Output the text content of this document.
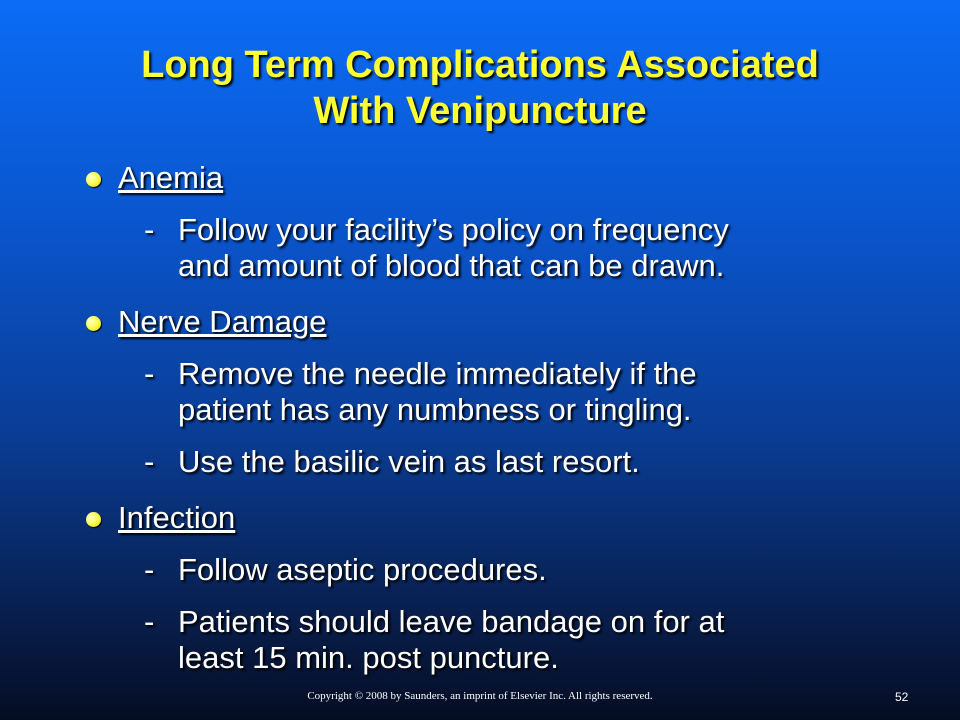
Long Term Complications Associated
With Venipuncture
Anemia
- Follow your facility’s policy on frequency
and amount of blood that can be drawn.
Nerve Damage
- Remove the needle immediately if the
patient has any numbness or tingling.
- Use the basilic vein as last resort.
Infection
- Follow aseptic procedures.
- Patients should leave bandage on for at
least 15 min. post puncture.
Copyright © 2008 by Saunders, an imprint of Elsevier Inc. All rights reserved.	52
